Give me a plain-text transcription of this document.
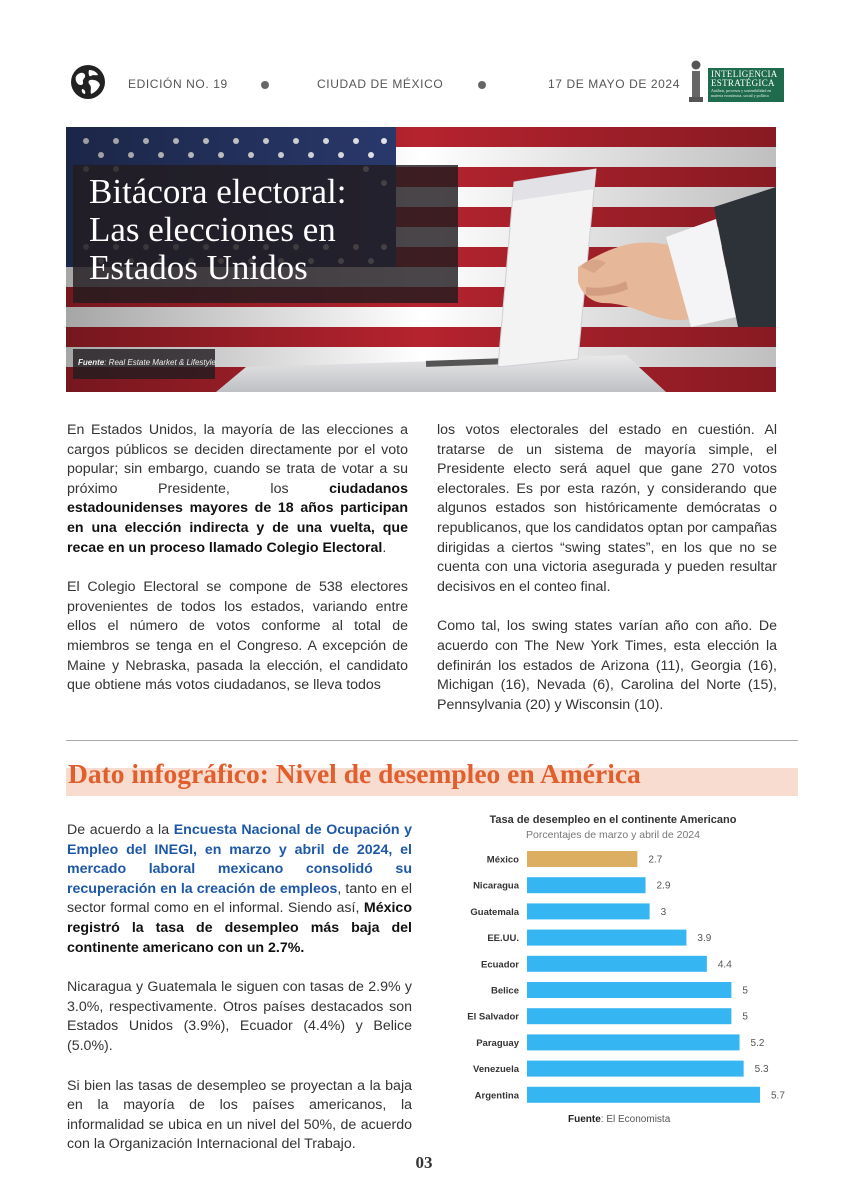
EDICIÓN NO. 19	CIUDAD DE MÉXICO	17 DE MAYO DE 2024
INTELIGENCIA
ESTRATÉGICA
Análisis, procesos y sostenibilidad en materia económica, social y política
Bitácora electoral:
Las elecciones en
Estados Unidos
Fuente: Real Estate Market & Lifestyle

En Estados Unidos, la mayoría de las elecciones a cargos públicos se deciden directamente por el voto popular; sin embargo, cuando se trata de votar a su próximo Presidente, los ciudadanos estadounidenses mayores de 18 años participan en una elección indirecta y de una vuelta, que recae en un proceso llamado Colegio Electoral.

El Colegio Electoral se compone de 538 electores provenientes de todos los estados, variando entre ellos el número de votos conforme al total de miembros se tenga en el Congreso. A excepción de Maine y Nebraska, pasada la elección, el candidato que obtiene más votos ciudadanos, se lleva todos

los votos electorales del estado en cuestión. Al tratarse de un sistema de mayoría simple, el Presidente electo será aquel que gane 270 votos electorales. Es por esta razón, y considerando que algunos estados son históricamente demócratas o republicanos, que los candidatos optan por campañas dirigidas a ciertos “swing states”, en los que no se cuenta con una victoria asegurada y pueden resultar decisivos en el conteo final.

Como tal, los swing states varían año con año. De acuerdo con The New York Times, esta elección la definirán los estados de Arizona (11), Georgia (16), Michigan (16), Nevada (6), Carolina del Norte (15), Pennsylvania (20) y Wisconsin (10).

Dato infográfico: Nivel de desempleo en América

De acuerdo a la Encuesta Nacional de Ocupación y Empleo del INEGI, en marzo y abril de 2024, el mercado laboral mexicano consolidó su recuperación en la creación de empleos, tanto en el sector formal como en el informal. Siendo así, México registró la tasa de desempleo más baja del continente americano con un 2.7%.

Nicaragua y Guatemala le siguen con tasas de 2.9% y 3.0%, respectivamente. Otros países destacados son Estados Unidos (3.9%), Ecuador (4.4%) y Belice (5.0%).

Si bien las tasas de desempleo se proyectan a la baja en la mayoría de los países americanos, la informalidad se ubica en un nivel del 50%, de acuerdo con la Organización Internacional del Trabajo.

Tasa de desempleo en el continente Americano
Porcentajes de marzo y abril de 2024
México	2.7
Nicaragua	2.9
Guatemala	3
EE.UU.	3.9
Ecuador	4.4
Belice	5
El Salvador	5
Paraguay	5.2
Venezuela	5.3
Argentina	5.7
Fuente: El Economista
03
